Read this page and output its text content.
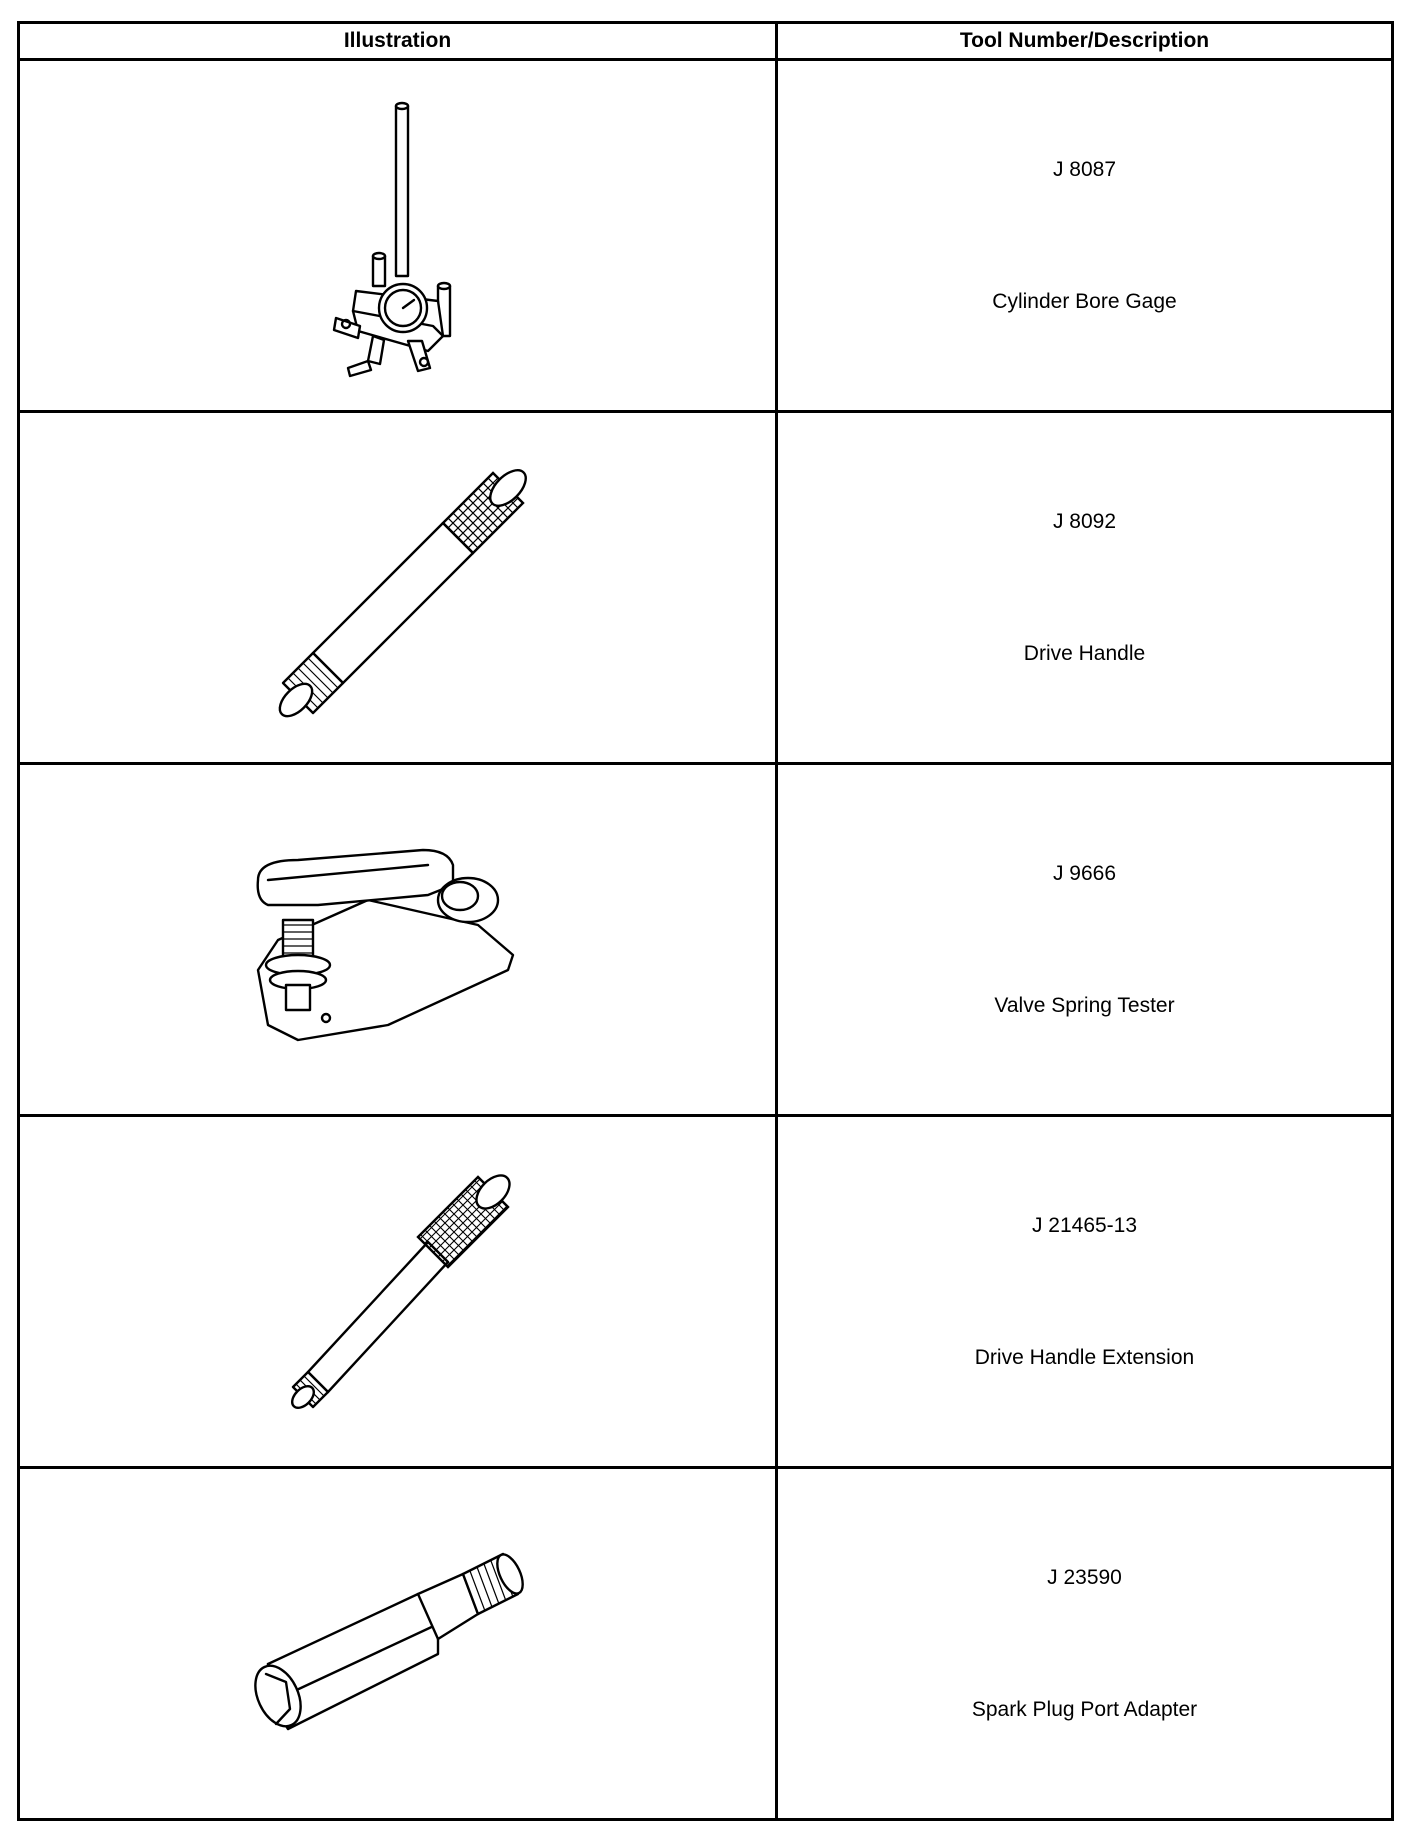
Illustration	Tool Number/Description

J 8087
Cylinder Bore Gage

J 8092
Drive Handle

J 9666
Valve Spring Tester

J 21465-13
Drive Handle Extension

J 23590
Spark Plug Port Adapter
